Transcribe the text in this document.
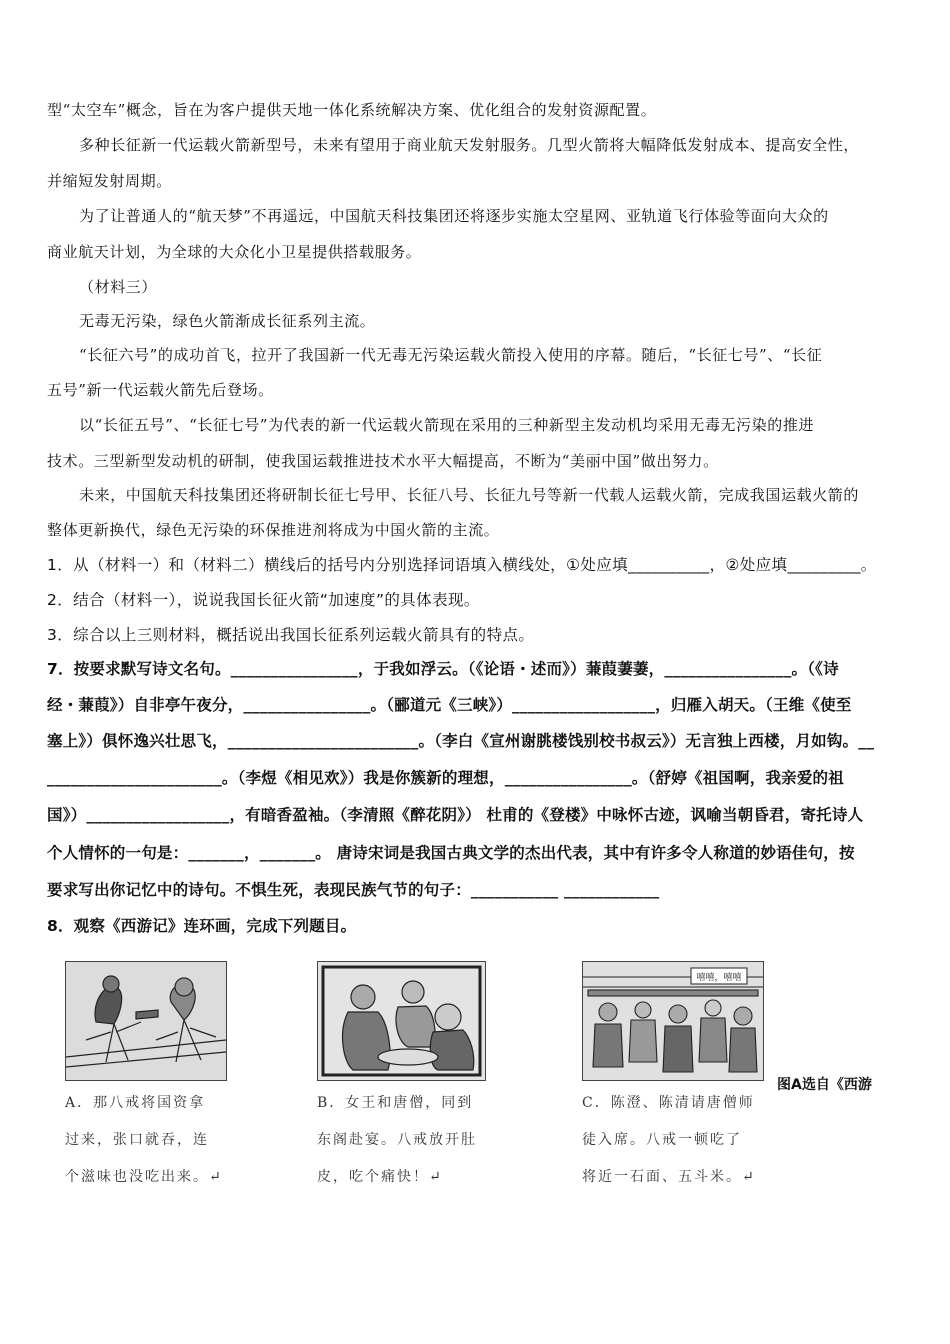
型“太空车”概念，旨在为客户提供天地一体化系统解决方案、优化组合的发射资源配置。
多种长征新一代运载火箭新型号，未来有望用于商业航天发射服务。几型火箭将大幅降低发射成本、提高安全性，
并缩短发射周期。
为了让普通人的“航天梦”不再遥远，中国航天科技集团还将逐步实施太空星网、亚轨道飞行体验等面向大众的
商业航天计划，为全球的大众化小卫星提供搭载服务。
（材料三）
无毒无污染，绿色火箭渐成长征系列主流。
“长征六号”的成功首飞，拉开了我国新一代无毒无污染运载火箭投入使用的序幕。随后，“长征七号”、“长征
五号”新一代运载火箭先后登场。
以“长征五号”、“长征七号”为代表的新一代运载火箭现在采用的三种新型主发动机均采用无毒无污染的推进
技术。三型新型发动机的研制，使我国运载推进技术水平大幅提高，不断为“美丽中国”做出努力。
未来，中国航天科技集团还将研制长征七号甲、长征八号、长征九号等新一代载人运载火箭，完成我国运载火箭的
整体更新换代，绿色无污染的环保推进剂将成为中国火箭的主流。
1．从（材料一）和（材料二）横线后的括号内分别选择词语填入横线处，①处应填__________，②处应填_________。
2．结合（材料一），说说我国长征火箭“加速度”的具体表现。
3．综合以上三则材料，概括说出我国长征系列运载火箭具有的特点。
7．按要求默写诗文名句。________________，于我如浮云。（《论语・述而》）蒹葭萋萋，________________。（《诗
经・蒹葭》）自非亭午夜分，________________。（郦道元《三峡》）__________________，归雁入胡天。（王维《使至
塞上》）俱怀逸兴壮思飞，________________________。（李白《宣州谢朓楼饯别校书叔云》）无言独上西楼，月如钩。__
______________________。（李煜《相见欢》）我是你簇新的理想，________________。（舒婷《祖国啊，我亲爱的祖
国》）__________________，有暗香盈袖。（李清照《醉花阴》） 杜甫的《登楼》中咏怀古迹，讽喻当朝昏君，寄托诗人
个人情怀的一句是：_______，_______。 唐诗宋词是我国古典文学的杰出代表，其中有许多令人称道的妙语佳句，按
要求写出你记忆中的诗句。不惧生死，表现民族气节的句子：___________ ____________
8．观察《西游记》连环画，完成下列题目。
A．那八戒将国资拿
过来，张口就吞，连
个滋味也没吃出来。↵
B．女王和唐僧，同到
东阁赴宴。八戒放开肚
皮，吃个痛快！↵
嘻嘻，嘻嘻
C．陈澄、陈清请唐僧师
徒入席。八戒一顿吃了
将近一石面、五斗米。↵
图A选自《西游
